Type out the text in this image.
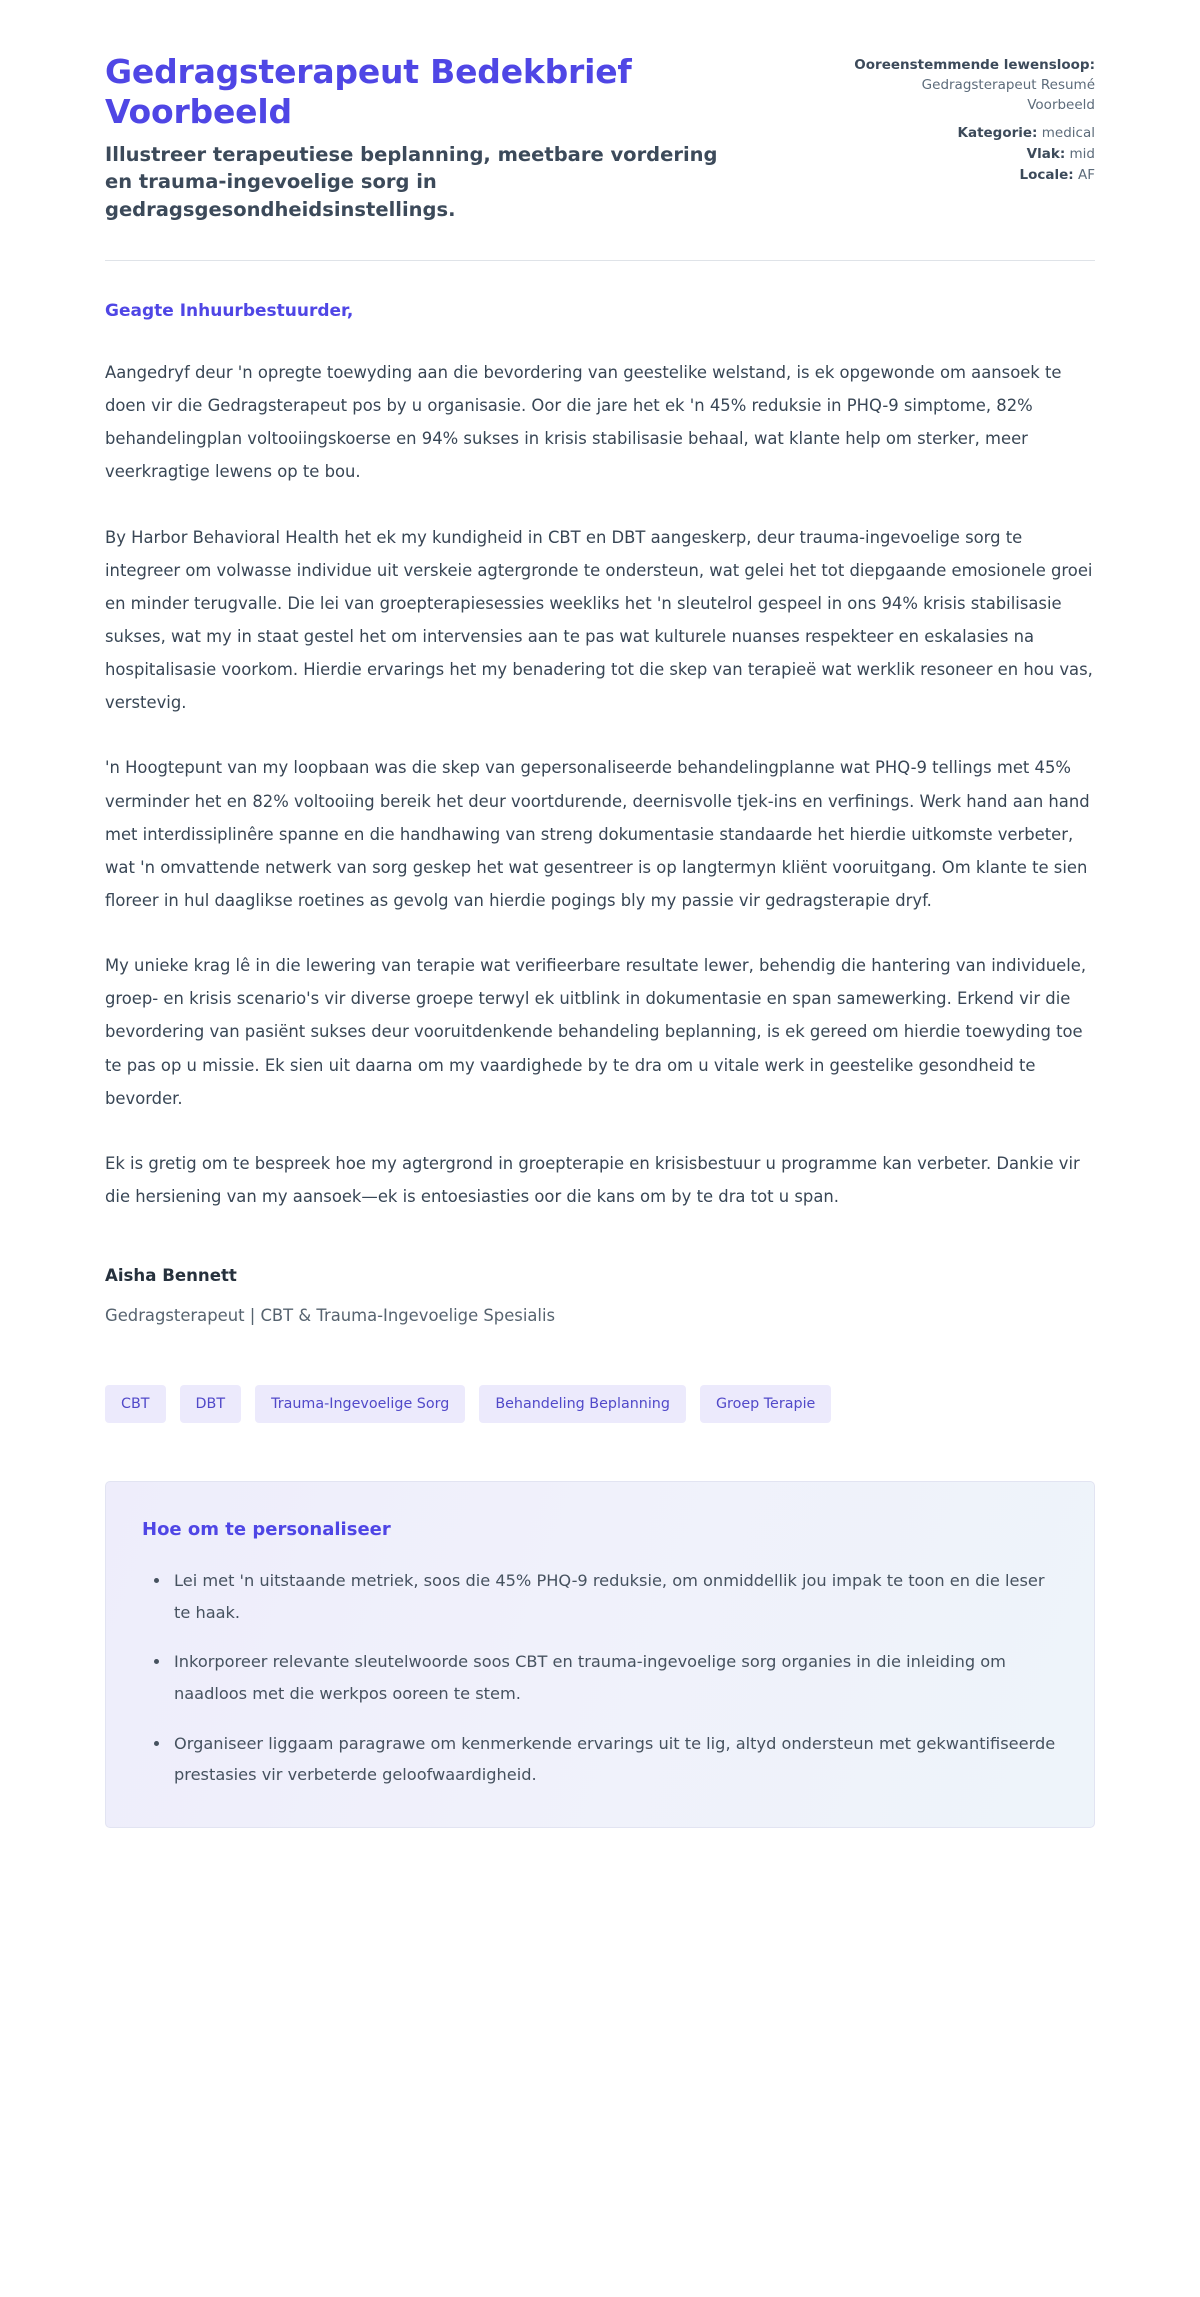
Gedragsterapeut Bedekbrief Voorbeeld

Illustreer terapeutiese beplanning, meetbare vordering en trauma-ingevoelige sorg in gedragsgesondheidsinstellings.

Ooreenstemmende lewensloop:
Gedragsterapeut Resumé Voorbeeld
Kategorie: medical
Vlak: mid
Locale: AF

Geagte Inhuurbestuurder,

Aangedryf deur 'n opregte toewyding aan die bevordering van geestelike welstand, is ek opgewonde om aansoek te doen vir die Gedragsterapeut pos by u organisasie. Oor die jare het ek 'n 45% reduksie in PHQ-9 simptome, 82% behandelingplan voltooiingskoerse en 94% sukses in krisis stabilisasie behaal, wat klante help om sterker, meer veerkragtige lewens op te bou.

By Harbor Behavioral Health het ek my kundigheid in CBT en DBT aangeskerp, deur trauma-ingevoelige sorg te integreer om volwasse individue uit verskeie agtergronde te ondersteun, wat gelei het tot diepgaande emosionele groei en minder terugvalle. Die lei van groepterapiesessies weekliks het 'n sleutelrol gespeel in ons 94% krisis stabilisasie sukses, wat my in staat gestel het om intervensies aan te pas wat kulturele nuanses respekteer en eskalasies na hospitalisasie voorkom. Hierdie ervarings het my benadering tot die skep van terapieë wat werklik resoneer en hou vas, verstevig.

'n Hoogtepunt van my loopbaan was die skep van gepersonaliseerde behandelingplanne wat PHQ-9 tellings met 45% verminder het en 82% voltooiing bereik het deur voortdurende, deernisvolle tjek-ins en verfinings. Werk hand aan hand met interdissiplinêre spanne en die handhawing van streng dokumentasie standaarde het hierdie uitkomste verbeter, wat 'n omvattende netwerk van sorg geskep het wat gesentreer is op langtermyn kliënt vooruitgang. Om klante te sien floreer in hul daaglikse roetines as gevolg van hierdie pogings bly my passie vir gedragsterapie dryf.

My unieke krag lê in die lewering van terapie wat verifieerbare resultate lewer, behendig die hantering van individuele, groep- en krisis scenario's vir diverse groepe terwyl ek uitblink in dokumentasie en span samewerking. Erkend vir die bevordering van pasiënt sukses deur vooruitdenkende behandeling beplanning, is ek gereed om hierdie toewyding toe te pas op u missie. Ek sien uit daarna om my vaardighede by te dra om u vitale werk in geestelike gesondheid te bevorder.

Ek is gretig om te bespreek hoe my agtergrond in groepterapie en krisisbestuur u programme kan verbeter. Dankie vir die hersiening van my aansoek—ek is entoesiasties oor die kans om by te dra tot u span.

Aisha Bennett

Gedragsterapeut | CBT & Trauma-Ingevoelige Spesialis

CBT	DBT	Trauma-Ingevoelige Sorg	Behandeling Beplanning	Groep Terapie
Hoe om te personaliseer
Lei met 'n uitstaande metriek, soos die 45% PHQ-9 reduksie, om onmiddellik jou impak te toon en die leser te haak.
Inkorporeer relevante sleutelwoorde soos CBT en trauma-ingevoelige sorg organies in die inleiding om naadloos met die werkpos ooreen te stem.
Organiseer liggaam paragrawe om kenmerkende ervarings uit te lig, altyd ondersteun met gekwantifiseerde prestasies vir verbeterde geloofwaardigheid.
